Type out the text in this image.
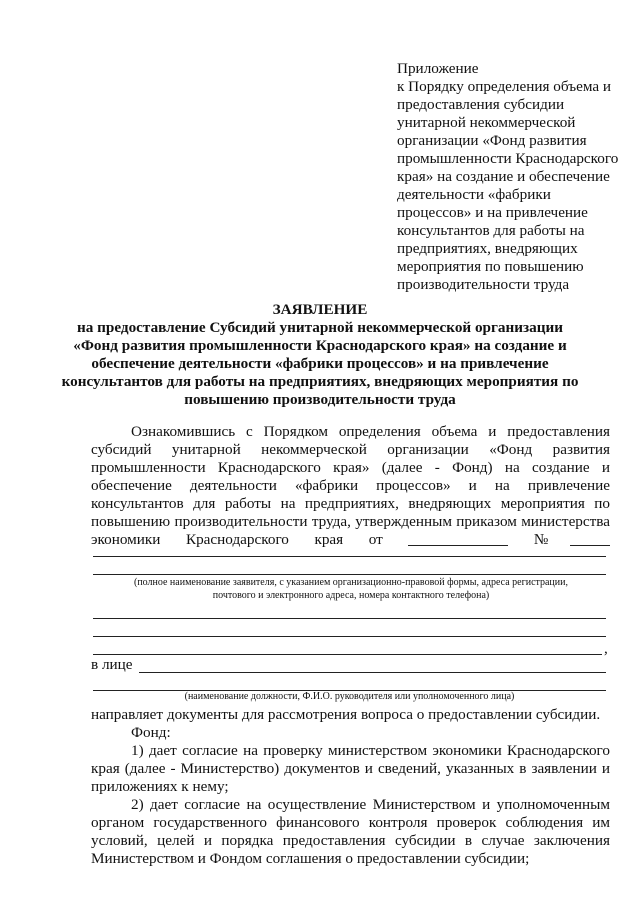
Приложение
к Порядку определения объема и
предоставления субсидии
унитарной некоммерческой
организации «Фонд развития
промышленности Краснодарского
края» на создание и обеспечение
деятельности «фабрики
процессов» и на привлечение
консультантов для работы на
предприятиях, внедряющих
мероприятия по повышению
производительности труда
ЗАЯВЛЕНИЕ
на предоставление Субсидий унитарной некоммерческой организации
«Фонд развития промышленности Краснодарского края» на создание и
обеспечение деятельности «фабрики процессов» и на привлечение
консультантов для работы на предприятиях, внедряющих мероприятия по
повышению производительности труда
Ознакомившись с Порядком определения объема и предоставления
субсидий унитарной некоммерческой организации «Фонд развития
промышленности Краснодарского края» (далее - Фонд) на создание и
обеспечение деятельности «фабрики процессов» и на привлечение
консультантов для работы на предприятиях, внедряющих мероприятия по
повышению производительности труда, утвержденным приказом министерства
экономики Краснодарского края от	№
(полное наименование заявителя, с указанием организационно-правовой формы, адреса регистрации,
почтового и электронного адреса, номера контактного телефона)
,
в лице
(наименование должности, Ф.И.О. руководителя или уполномоченного лица)
направляет документы для рассмотрения вопроса о предоставлении субсидии.
Фонд:
1) дает согласие на проверку министерством экономики Краснодарского
края (далее - Министерство) документов и сведений, указанных в заявлении и
приложениях к нему;
2) дает согласие на осуществление Министерством и уполномоченным
органом государственного финансового контроля проверок соблюдения им
условий, целей и порядка предоставления субсидии в случае заключения
Министерством и Фондом соглашения о предоставлении субсидии;
